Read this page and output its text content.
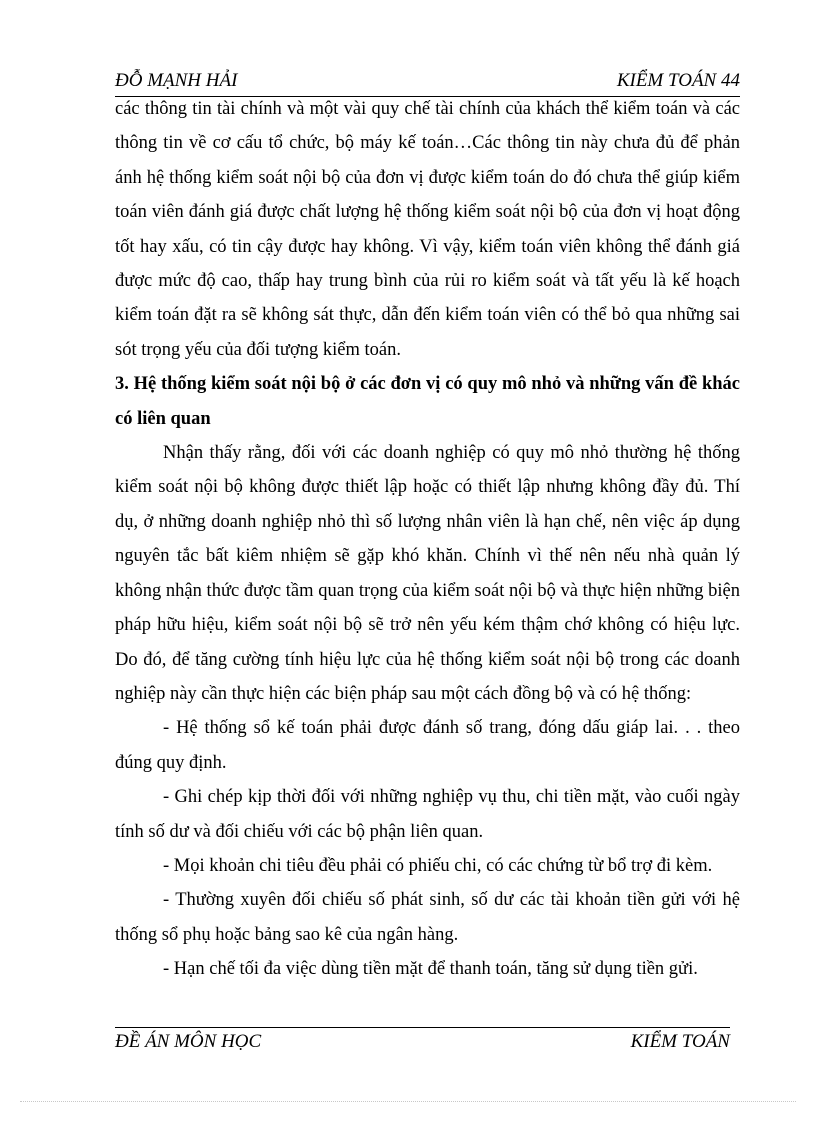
ĐỖ MẠNH HẢI	KIỂM TOÁN 44

các thông tin tài chính và một vài quy chế tài chính của khách thể kiểm toán và các thông tin về cơ cấu tổ chức, bộ máy kế toán…Các thông tin này chưa đủ để phản ánh hệ thống kiểm soát nội bộ của đơn vị được kiểm toán do đó chưa thể giúp kiểm toán viên đánh giá được chất lượng hệ thống kiểm soát nội bộ của đơn vị hoạt động tốt hay xấu, có tin cậy được hay không. Vì vậy, kiểm toán viên không thể đánh giá được mức độ cao, thấp hay trung bình của rủi ro kiểm soát và tất yếu là kế hoạch kiểm toán đặt ra sẽ không sát thực, dẫn đến kiểm toán viên có thể bỏ qua những sai sót trọng yếu của đối tượng kiểm toán.

3. Hệ thống kiểm soát nội bộ ở các đơn vị có quy mô nhỏ và những vấn đề khác có liên quan

Nhận thấy rằng, đối với các doanh nghiệp có quy mô nhỏ thường hệ thống kiểm soát nội bộ không được thiết lập hoặc có thiết lập nhưng không đầy đủ. Thí dụ, ở những doanh nghiệp nhỏ thì số lượng nhân viên là hạn chế, nên việc áp dụng nguyên tắc bất kiêm nhiệm sẽ gặp khó khăn. Chính vì thế nên nếu nhà quản lý không nhận thức được tầm quan trọng của kiểm soát nội bộ và thực hiện những biện pháp hữu hiệu, kiểm soát nội bộ sẽ trở nên yếu kém thậm chớ không có hiệu lực. Do đó, để tăng cường tính hiệu lực của hệ thống kiểm soát nội bộ trong các doanh nghiệp này cần thực hiện các biện pháp sau một cách đồng bộ và có hệ thống:

- Hệ thống sổ kế toán phải được đánh số trang, đóng dấu giáp lai. . . theo đúng quy định.

- Ghi chép kịp thời đối với những nghiệp vụ thu, chi tiền mặt, vào cuối ngày tính số dư và đối chiếu với các bộ phận liên quan.

- Mọi khoản chi tiêu đều phải có phiếu chi, có các chứng từ bổ trợ đi kèm.

- Thường xuyên đối chiếu số phát sinh, số dư các tài khoản tiền gửi với hệ thống sổ phụ hoặc bảng sao kê của ngân hàng.

- Hạn chế tối đa việc dùng tiền mặt để thanh toán, tăng sử dụng tiền gửi.

ĐỀ ÁN MÔN HỌC	KIỂM TOÁN
